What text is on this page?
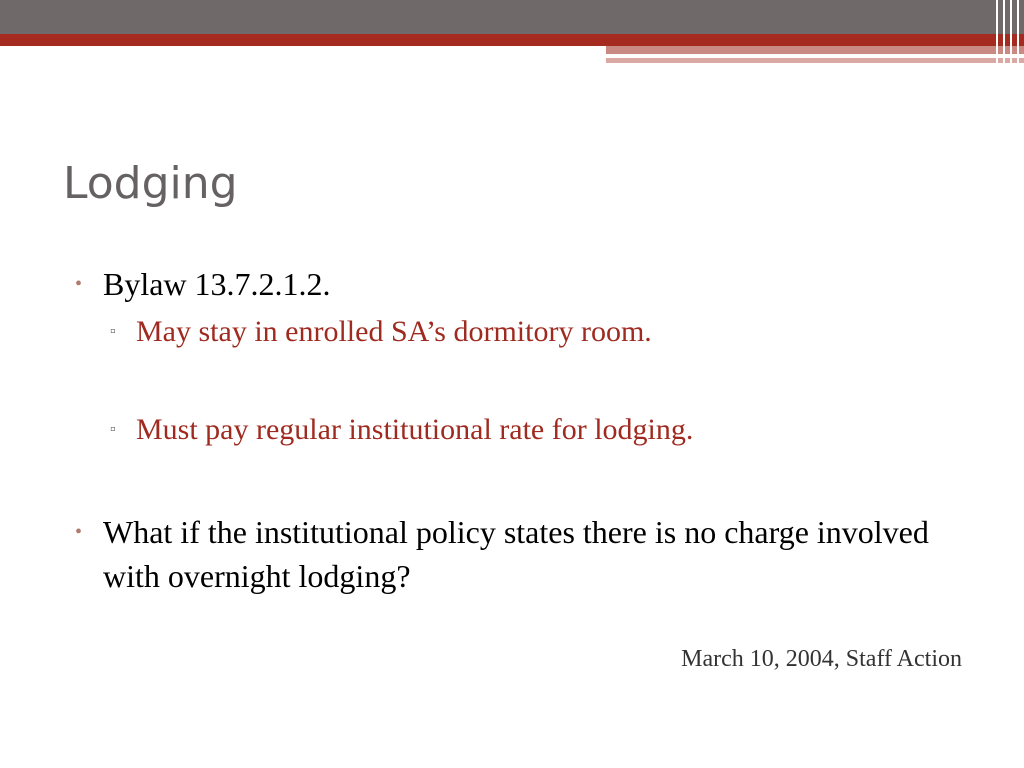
Lodging
• Bylaw 13.7.2.1.2.
▫ May stay in enrolled SA’s dormitory room.
▫ Must pay regular institutional rate for lodging.
• What if the institutional policy states there is no charge involved with overnight lodging?
March 10, 2004, Staff Action
